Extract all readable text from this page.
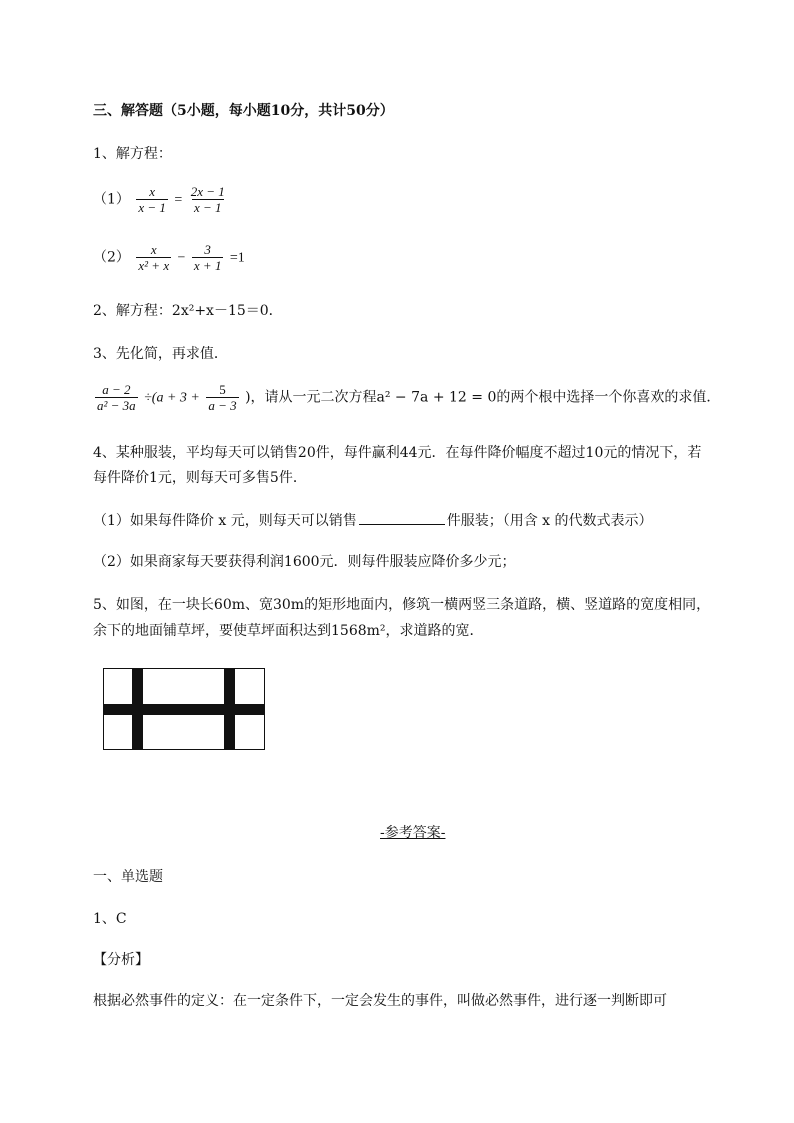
三、解答题（5小题，每小题10分，共计50分）
1、解方程：
$(1) \frac{x}{x - 1} = \frac{2x - 1}{x - 1}$
$(2) \frac{x}{\text{x² + x}} - \frac{3}{x + 1} =1$
2、解方程：2x²+x－15＝0．
3、先化简，再求值．
$\frac{a - 2}{\text{a² − 3a}} \div(a + 3 + \frac{5}{a - 3}$ )，请从一元二次方程a² − 7a + 12 = 0的两个根中选择一个你喜欢的求值．
4、某种服装，平均每天可以销售20件，每件赢利44元．在每件降价幅度不超过10元的情况下，若
每件降价1元，则每天可多售5件．
（1）如果每件降价 x 元，则每天可以销售	件服装；（用含 x 的代数式表示）
（2）如果商家每天要获得利润1600元．则每件服装应降价多少元；
5、如图，在一块长60m、宽30m的矩形地面内，修筑一横两竖三条道路，横、竖道路的宽度相同，
余下的地面铺草坪，要使草坪面积达到1568m²，求道路的宽．
-参考答案-
一、单选题
1、C
【分析】
根据必然事件的定义：在一定条件下，一定会发生的事件，叫做必然事件，进行逐一判断即可
